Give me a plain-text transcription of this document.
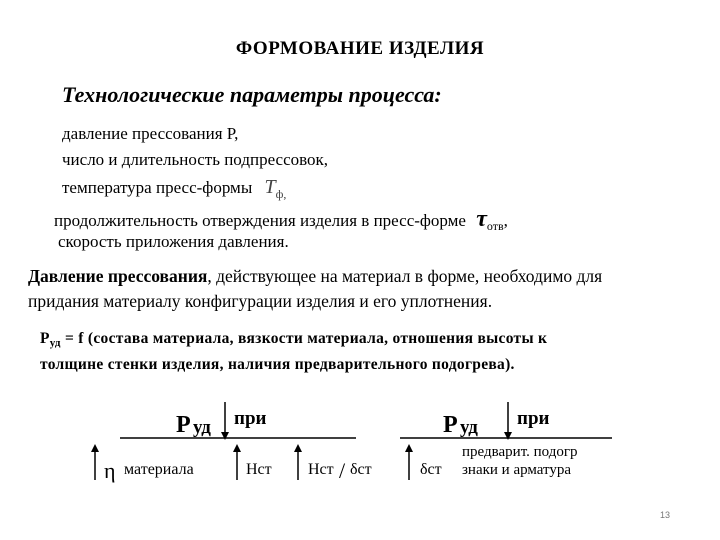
ФОРМОВАНИЕ ИЗДЕЛИЯ
Технологические параметры процесса:
давление прессования Р,
число и длительность подпрессовок,
температура пресс-формы $Т_{ф,}$
продолжительность отверждения изделия в пресс-форме $\tau_{отв}$,
скорость приложения давления.
Давление прессования, действующее на материал в форме, необходимо для
придания материалу конфигурации изделия и его уплотнения.
$Р_{уд} = f$ (состава материала, вязкости материала, отношения высоты к
толщине стенки изделия, наличия предварительного подогрева).
Р уд при
η материала	Нст Нст / δст
Р уд при
δст
предварит. подогр
знаки и арматура
13
